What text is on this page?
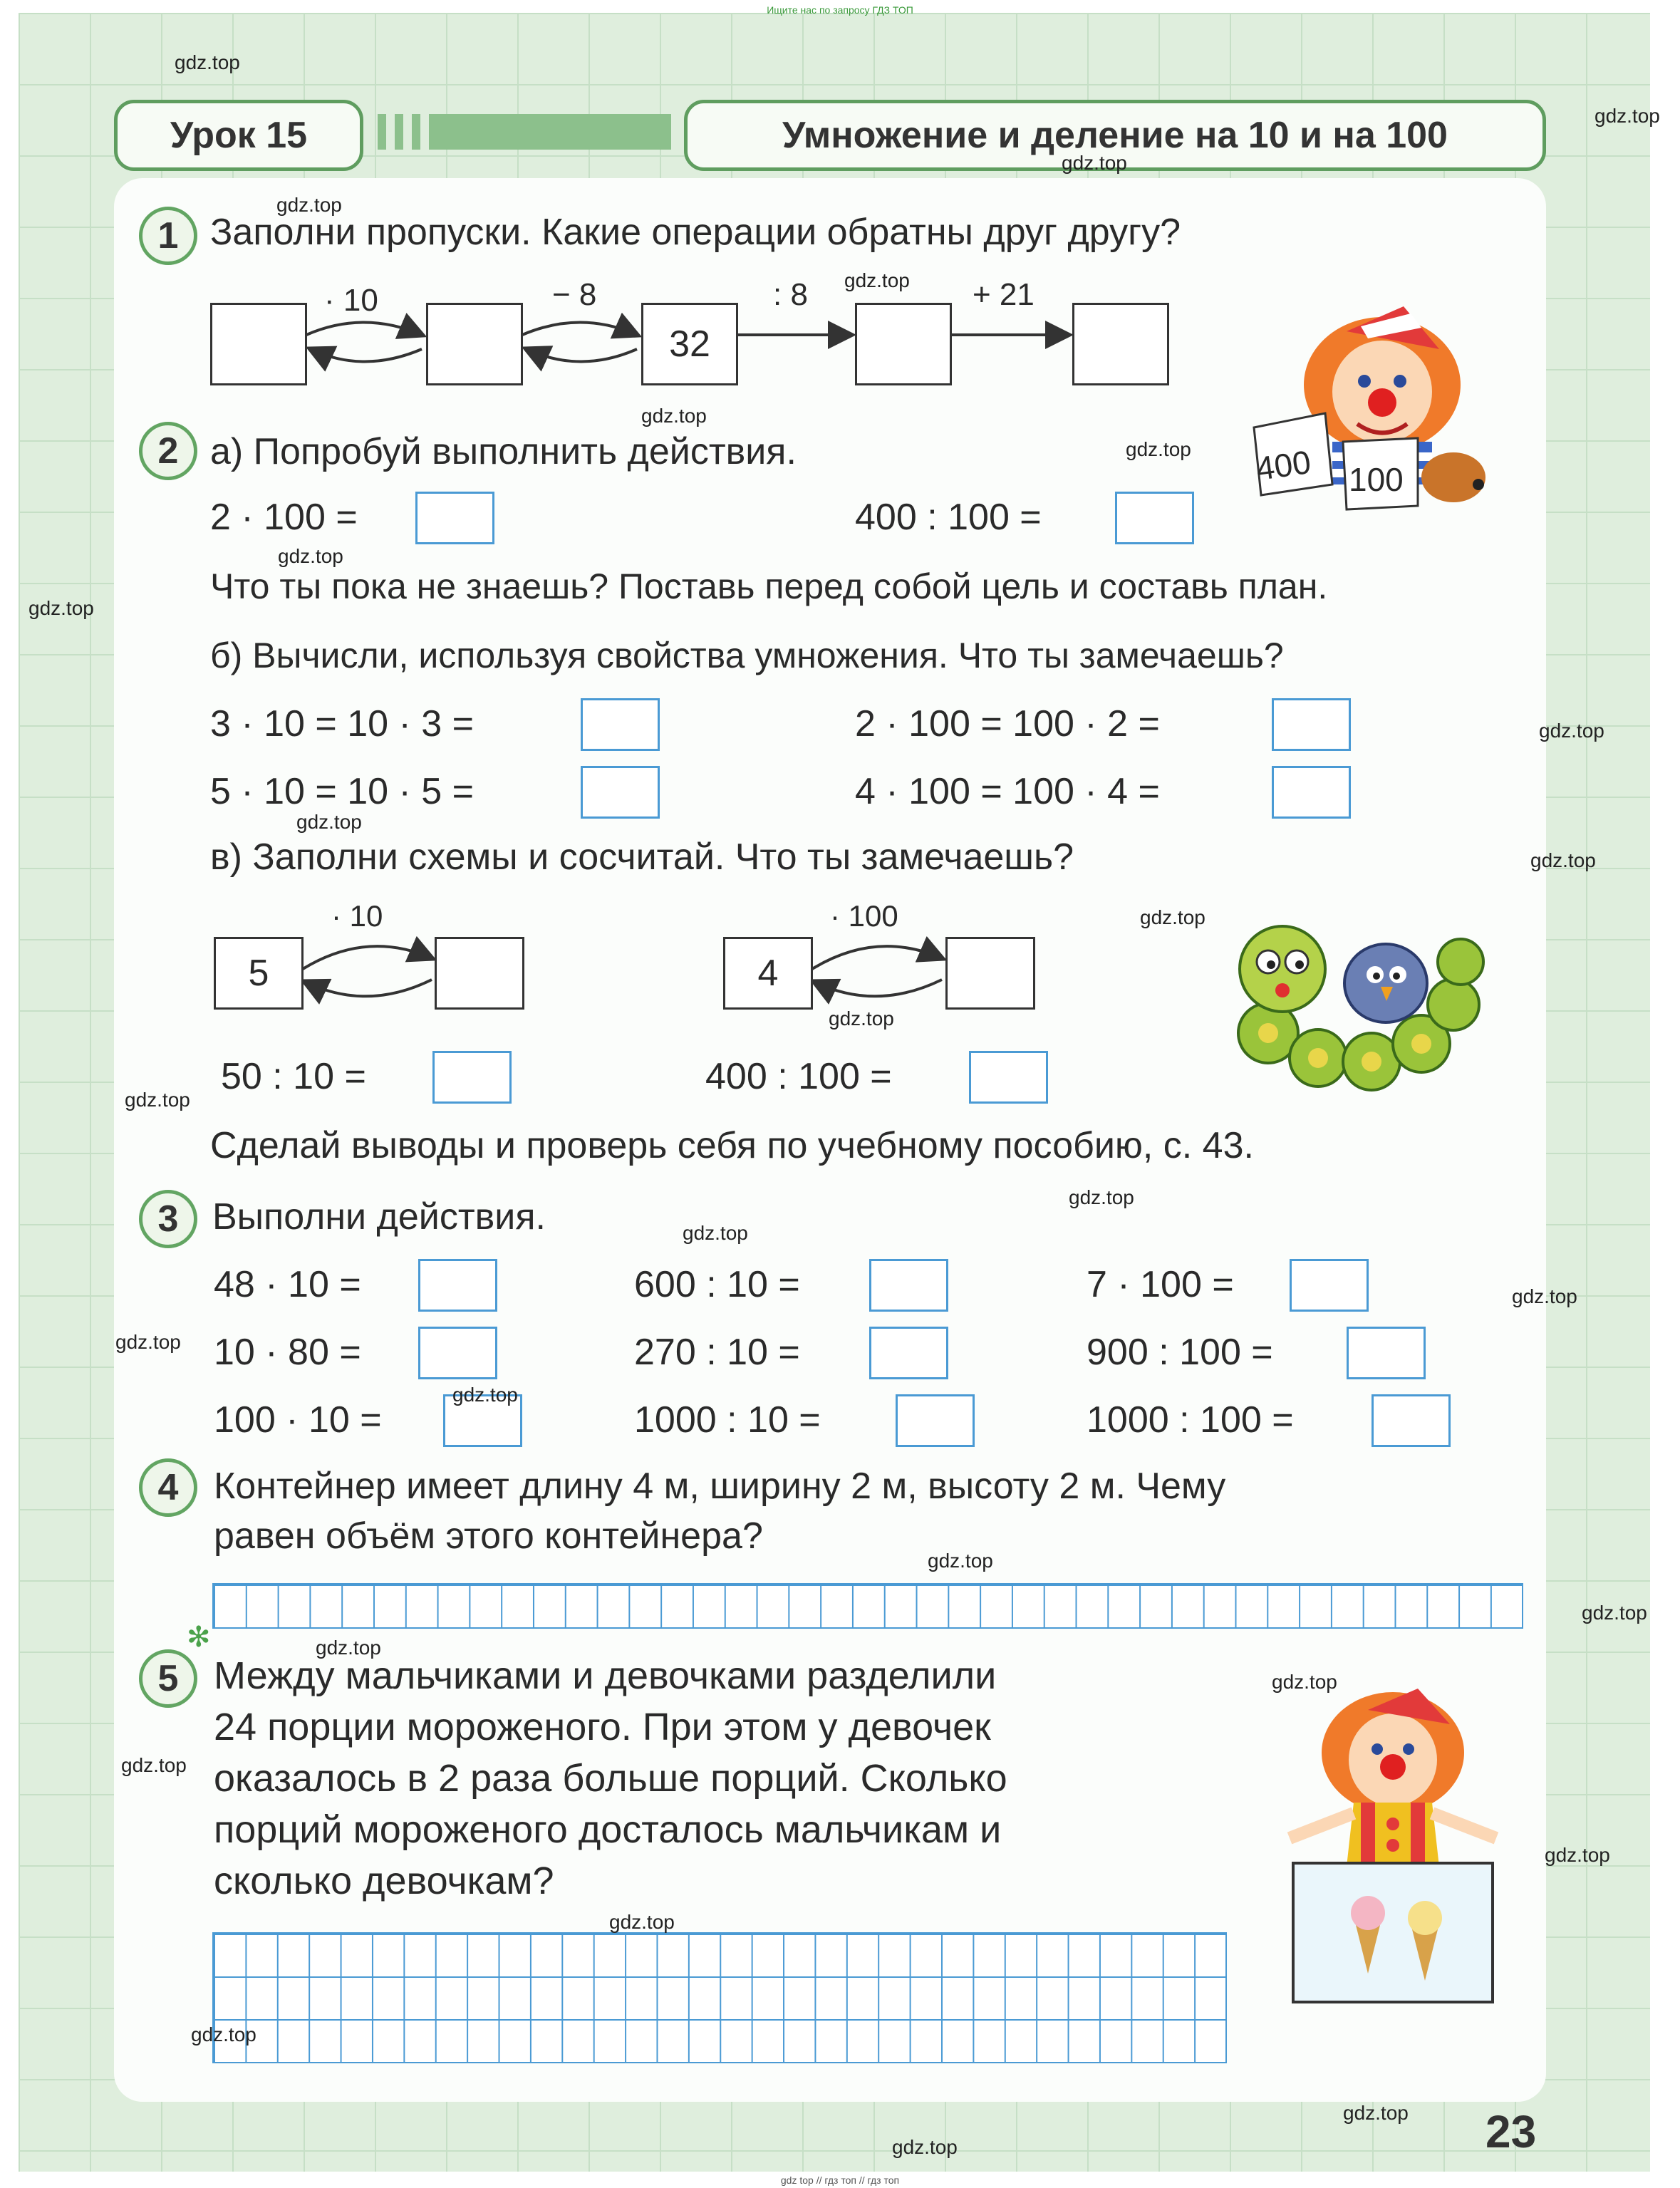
Ищите нас по запросу ГДЗ ТОП
gdz top // гдз топ // гдз топ
Урок 15	Умножение и деление на 10 и на 100
1 Заполни пропуски. Какие операции обратны друг другу?
32
· 10	− 8	: 8	+ 21
400 100
2 а) Попробуй выполнить действия.
2 · 100 =	400 : 100 =
Что ты пока не знаешь? Поставь перед собой цель и составь план.
б) Вычисли, используя свойства умножения. Что ты замечаешь?
3 · 10 = 10 · 3 =	2 · 100 = 100 · 2 =
5 · 10 = 10 · 5 =	4 · 100 = 100 · 4 =
в) Заполни схемы и сосчитай. Что ты замечаешь?
· 10
5
· 100
4
50 : 10 =	400 : 100 =
Сделай выводы и проверь себя по учебному пособию, с. 43.
3 Выполни действия.
48 · 10 =	600 : 10 =	7 · 100 =
10 · 80 =	270 : 10 =	900 : 100 =
100 · 10 =	1000 : 10 =	1000 : 100 =
4 Контейнер имеет длину 4 м, ширину 2 м, высоту 2 м. Чему
равен объём этого контейнера?
✻
5 Между мальчиками и девочками разделили
24 порции мороженого. При этом у девочек
оказалось в 2 раза больше порций. Сколько
порций мороженого досталось мальчикам и
сколько девочкам?
23
gdz.top
gdz.top
gdz.top
gdz.top
gdz.top
gdz.top
gdz.top
gdz.top
gdz.top
gdz.top
gdz.top
gdz.top
gdz.top
gdz.top
gdz.top
gdz.top
gdz.top
gdz.top
gdz.top
gdz.top
gdz.top
gdz.top
gdz.top
gdz.top
gdz.top
gdz.top
gdz.top
gdz.top
gdz.top
gdz.top
